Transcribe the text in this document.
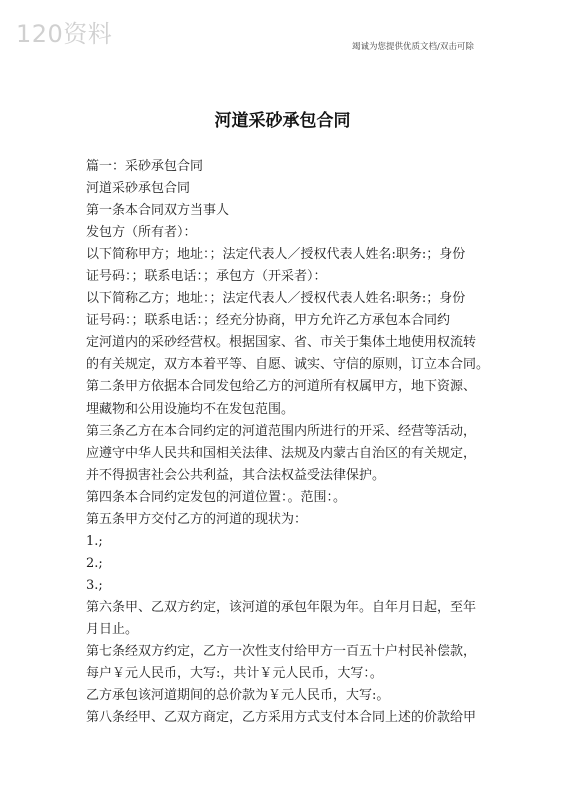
120资料	竭诚为您提供优质文档/双击可除
河道采砂承包合同
篇一：采砂承包合同
河道采砂承包合同
第一条本合同双方当事人
发包方（所有者）：
以下简称甲方；地址：；法定代表人／授权代表人姓名:职务:；身份
证号码：；联系电话：；承包方（开采者）：
以下简称乙方；地址：；法定代表人／授权代表人姓名:职务:；身份
证号码：；联系电话：；经充分协商，甲方允许乙方承包本合同约
定河道内的采砂经营权。根据国家、省、市关于集体土地使用权流转
的有关规定，双方本着平等、自愿、诚实、守信的原则，订立本合同。
第二条甲方依据本合同发包给乙方的河道所有权属甲方，地下资源、
埋藏物和公用设施均不在发包范围。
第三条乙方在本合同约定的河道范围内所进行的开采、经营等活动，
应遵守中华人民共和国相关法律、法规及内蒙古自治区的有关规定，
并不得损害社会公共利益，其合法权益受法律保护。
第四条本合同约定发包的河道位置：。范围：。
第五条甲方交付乙方的河道的现状为：
1.;
2.;
3.;
第六条甲、乙双方约定，该河道的承包年限为年。自年月日起，至年
月日止。
第七条经双方约定，乙方一次性支付给甲方一百五十户村民补偿款，
每户￥元人民币，大写:，共计￥元人民币，大写：。
乙方承包该河道期间的总价款为￥元人民币，大写:。
第八条经甲、乙双方商定，乙方采用方式支付本合同上述的价款给甲
